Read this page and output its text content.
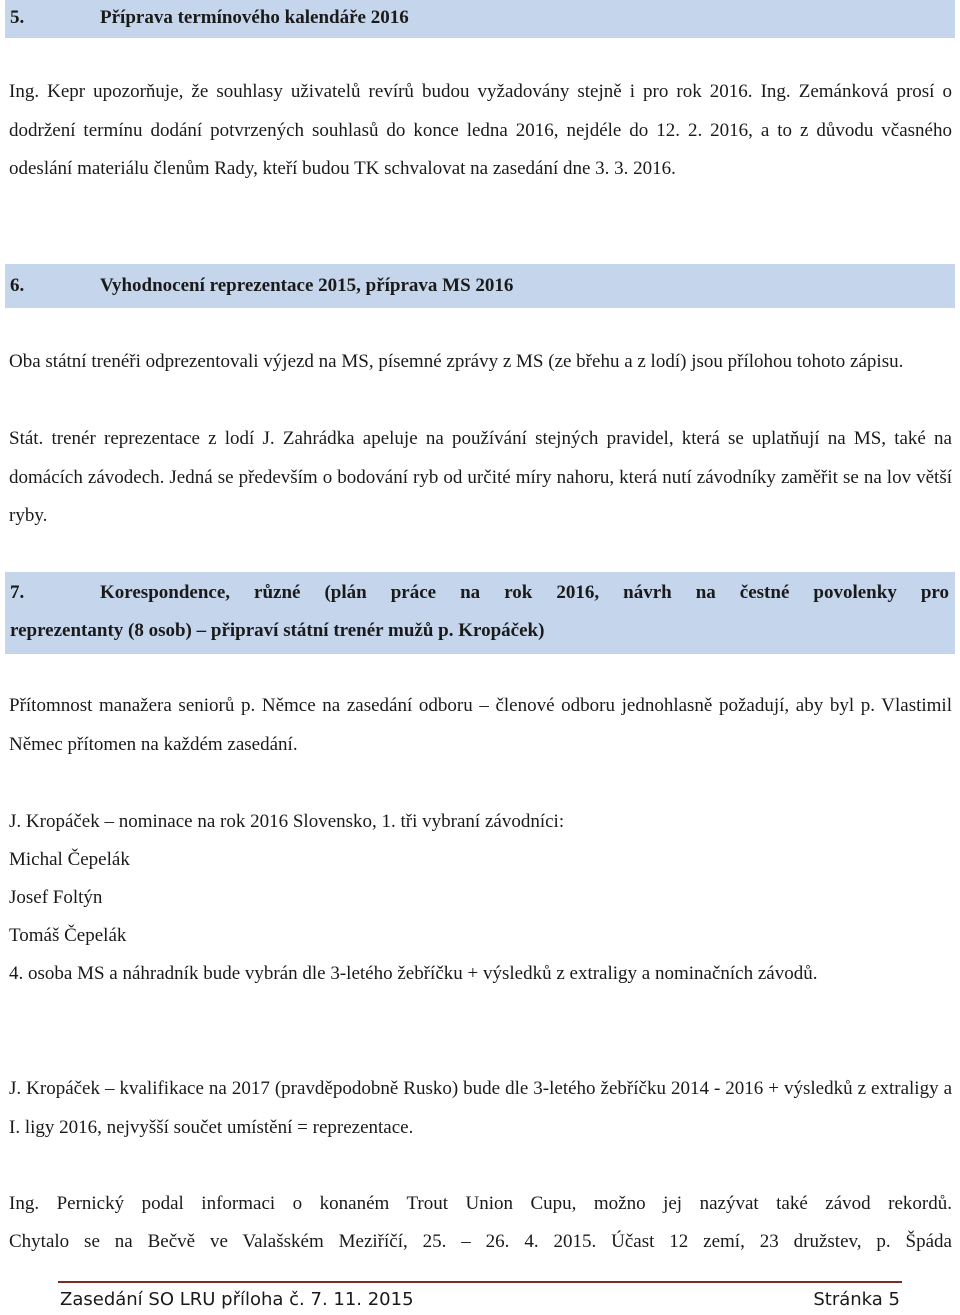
5.	Příprava termínového kalendáře 2016

Ing. Kepr upozorňuje, že souhlasy uživatelů revírů budou vyžadovány stejně i pro rok 2016. Ing. Zemánková prosí o dodržení termínu dodání potvrzených souhlasů do konce ledna 2016, nejdéle do 12. 2. 2016, a to z důvodu včasného odeslání materiálu členům Rady, kteří budou TK schvalovat na zasedání dne 3. 3. 2016.

6.	Vyhodnocení reprezentace 2015, příprava MS 2016

Oba státní trenéři odprezentovali výjezd na MS, písemné zprávy z MS (ze břehu a z lodí) jsou přílohou tohoto zápisu.

Stát. trenér reprezentace z lodí J. Zahrádka apeluje na používání stejných pravidel, která se uplatňují na MS, také na domácích závodech. Jedná se především o bodování ryb od určité míry nahoru, která nutí závodníky zaměřit se na lov větší ryby.

7.	Korespondence, různé (plán práce na rok 2016, návrh na čestné povolenky pro
reprezentanty (8 osob) – připraví státní trenér mužů p. Kropáček)

Přítomnost manažera seniorů p. Němce na zasedání odboru – členové odboru jednohlasně požadují, aby byl p. Vlastimil Němec přítomen na každém zasedání.

J. Kropáček – nominace na rok 2016 Slovensko, 1. tři vybraní závodníci:

Michal Čepelák

Josef Foltýn

Tomáš Čepelák

4. osoba MS a náhradník bude vybrán dle 3-letého žebříčku + výsledků z extraligy a nominačních závodů.

J. Kropáček – kvalifikace na 2017 (pravděpodobně Rusko) bude dle 3-letého žebříčku 2014 - 2016 + výsledků z extraligy a I. ligy 2016, nejvyšší součet umístění = reprezentace.

Ing. Pernický podal informaci o konaném Trout Union Cupu, možno jej nazývat také závod rekordů.

Chytalo se na Bečvě ve Valašském Meziříčí, 25. – 26. 4. 2015. Účast 12 zemí, 23 družstev, p. Špáda

Zasedání SO LRU příloha č. 7. 11. 2015	Stránka 5
